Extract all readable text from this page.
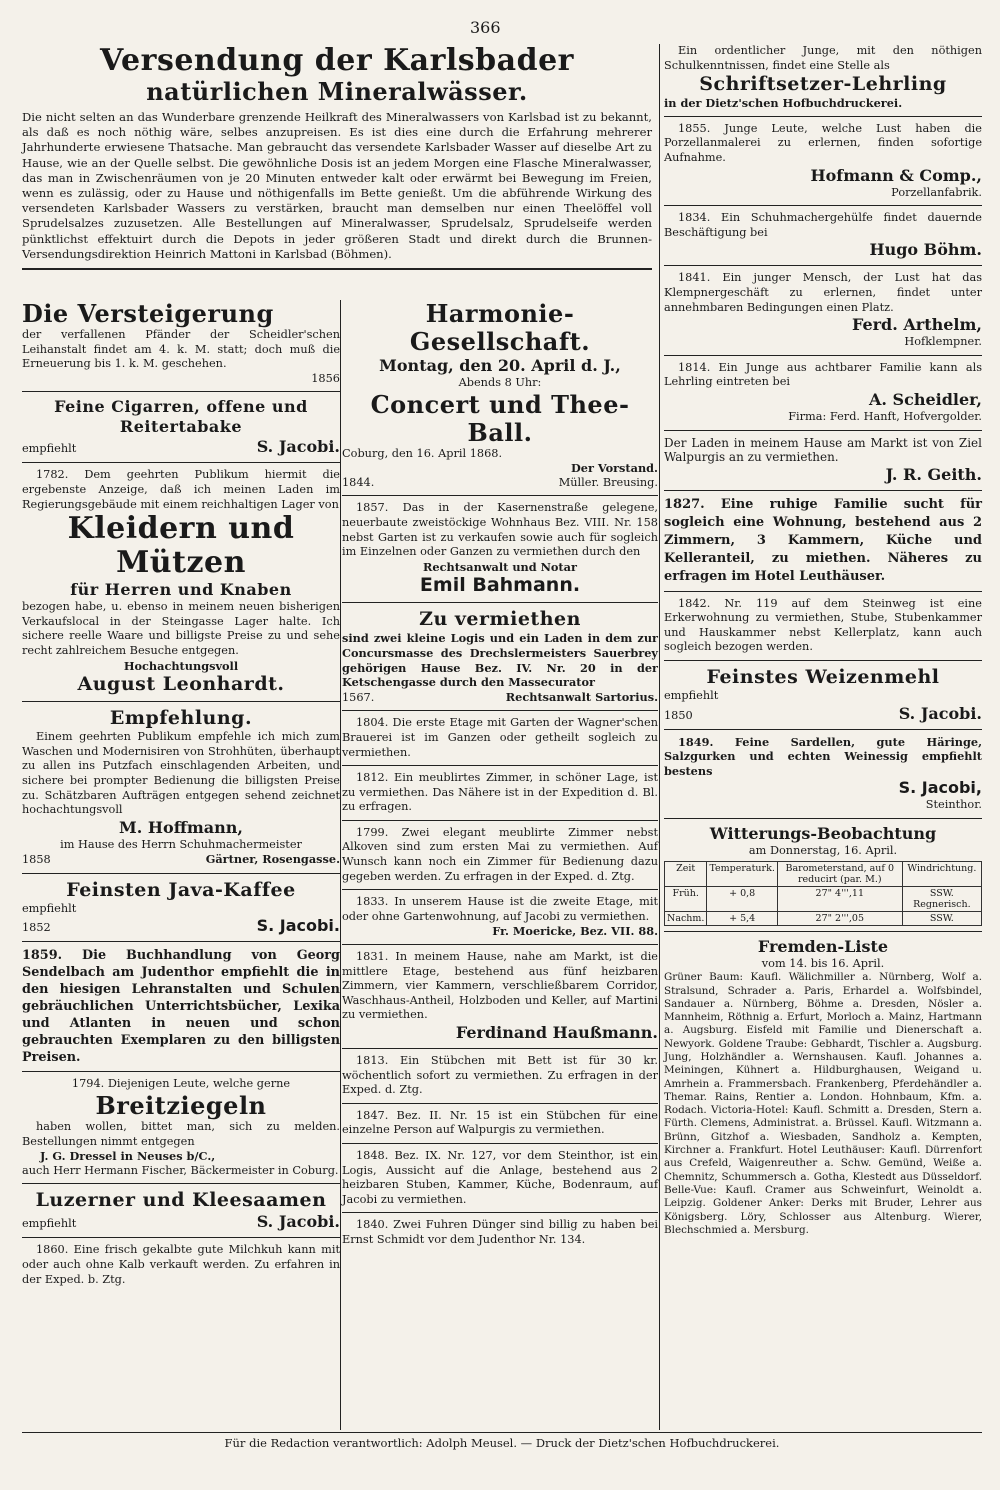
366
Versendung der Karlsbader
natürlichen Mineralwässer.
Die nicht selten an das Wunderbare grenzende Heilkraft des Mineralwassers von Karlsbad ist zu bekannt, als daß es noch nöthig wäre, selbes anzupreisen. Es ist dies eine durch die Erfahrung mehrerer Jahrhunderte erwiesene Thatsache. Man gebraucht das versendete Karlsbader Wasser auf dieselbe Art zu Hause, wie an der Quelle selbst. Die gewöhnliche Dosis ist an jedem Morgen eine Flasche Mineralwasser, das man in Zwischenräumen von je 20 Minuten entweder kalt oder erwärmt bei Bewegung im Freien, wenn es zulässig, oder zu Hause und nöthigenfalls im Bette genießt. Um die abführende Wirkung des versendeten Karlsbader Wassers zu verstärken, braucht man demselben nur einen Theelöffel voll Sprudelsalzes zuzusetzen. Alle Bestellungen auf Mineralwasser, Sprudelsalz, Sprudelseife werden pünktlichst effektuirt durch die Depots in jeder größeren Stadt und direkt durch die Brunnen-Versendungsdirektion Heinrich Mattoni in Karlsbad (Böhmen).
Die Versteigerung
der verfallenen Pfänder der Scheidler'schen Leihanstalt findet am 4. k. M. statt; doch muß die Erneuerung bis 1. k. M. geschehen.
1856
Feine Cigarren, offene und Reitertabake
empfiehlt	S. Jacobi.
1782. Dem geehrten Publikum hiermit die ergebenste Anzeige, daß ich meinen Laden im Regierungsgebäude mit einem reichhaltigen Lager von
Kleidern und Mützen
für Herren und Knaben
bezogen habe, u. ebenso in meinem neuen bisherigen Verkaufslocal in der Steingasse Lager halte. Ich sichere reelle Waare und billigste Preise zu und sehe recht zahlreichem Besuche entgegen.
Hochachtungsvoll
August Leonhardt.
Empfehlung.
Einem geehrten Publikum empfehle ich mich zum Waschen und Modernisiren von Strohhüten, überhaupt zu allen ins Putzfach einschlagenden Arbeiten, und sichere bei prompter Bedienung die billigsten Preise zu. Schätzbaren Aufträgen entgegen sehend zeichnet hochachtungsvoll
M. Hoffmann,
im Hause des Herrn Schuhmachermeister
1858	Gärtner, Rosengasse.
Feinsten Java-Kaffee
empfiehlt
1852	S. Jacobi.
1859. Die Buchhandlung von Georg Sendelbach am Judenthor empfiehlt die in den hiesigen Lehranstalten und Schulen gebräuchlichen Unterrichtsbücher, Lexika und Atlanten in neuen und schon gebrauchten Exemplaren zu den billigsten Preisen.
1794. Diejenigen Leute, welche gerne
Breitziegeln
haben wollen, bittet man, sich zu melden. Bestellungen nimmt entgegen
J. G. Dressel in Neuses b/C.,
auch Herr Hermann Fischer, Bäckermeister in Coburg.
Luzerner und Kleesaamen
empfiehlt	S. Jacobi.
1860. Eine frisch gekalbte gute Milchkuh kann mit oder auch ohne Kalb verkauft werden. Zu erfahren in der Exped. b. Ztg.
Harmonie-Gesellschaft.
Montag, den 20. April d. J.,
Abends 8 Uhr:
Concert und Thee-Ball.
Coburg, den 16. April 1868.
Der Vorstand.
1844.	Müller. Breusing.
1857. Das in der Kasernenstraße gelegene, neuerbaute zweistöckige Wohnhaus Bez. VIII. Nr. 158 nebst Garten ist zu verkaufen sowie auch für sogleich im Einzelnen oder Ganzen zu vermiethen durch den
Rechtsanwalt und Notar
Emil Bahmann.
Zu vermiethen
sind zwei kleine Logis und ein Laden in dem zur Concursmasse des Drechslermeisters Sauerbrey gehörigen Hause Bez. IV. Nr. 20 in der Ketschengasse durch den Massecurator
1567.	Rechtsanwalt Sartorius.
1804. Die erste Etage mit Garten der Wagner'schen Brauerei ist im Ganzen oder getheilt sogleich zu vermiethen.
1812. Ein meublirtes Zimmer, in schöner Lage, ist zu vermiethen. Das Nähere ist in der Expedition d. Bl. zu erfragen.
1799. Zwei elegant meublirte Zimmer nebst Alkoven sind zum ersten Mai zu vermiethen. Auf Wunsch kann noch ein Zimmer für Bedienung dazu gegeben werden. Zu erfragen in der Exped. d. Ztg.
1833. In unserem Hause ist die zweite Etage, mit oder ohne Gartenwohnung, auf Jacobi zu vermiethen.
Fr. Moericke, Bez. VII. 88.
1831. In meinem Hause, nahe am Markt, ist die mittlere Etage, bestehend aus fünf heizbaren Zimmern, vier Kammern, verschließbarem Corridor, Waschhaus-Antheil, Holzboden und Keller, auf Martini zu vermiethen.
Ferdinand Haußmann.
1813. Ein Stübchen mit Bett ist für 30 kr. wöchentlich sofort zu vermiethen. Zu erfragen in der Exped. d. Ztg.
1847. Bez. II. Nr. 15 ist ein Stübchen für eine einzelne Person auf Walpurgis zu vermiethen.
1848. Bez. IX. Nr. 127, vor dem Steinthor, ist ein Logis, Aussicht auf die Anlage, bestehend aus 2 heizbaren Stuben, Kammer, Küche, Bodenraum, auf Jacobi zu vermiethen.
1840. Zwei Fuhren Dünger sind billig zu haben bei Ernst Schmidt vor dem Judenthor Nr. 134.
Ein ordentlicher Junge, mit den nöthigen Schulkenntnissen, findet eine Stelle als
Schriftsetzer-Lehrling
in der Dietz'schen Hofbuchdruckerei.
1855. Junge Leute, welche Lust haben die Porzellanmalerei zu erlernen, finden sofortige Aufnahme.
Hofmann & Comp.,
Porzellanfabrik.
1834. Ein Schuhmachergehülfe findet dauernde Beschäftigung bei
Hugo Böhm.
1841. Ein junger Mensch, der Lust hat das Klempnergeschäft zu erlernen, findet unter annehmbaren Bedingungen einen Platz.
Ferd. Arthelm,
Hofklempner.
1814. Ein Junge aus achtbarer Familie kann als Lehrling eintreten bei
A. Scheidler,
Firma: Ferd. Hanft, Hofvergolder.
Der Laden in meinem Hause am Markt ist von Ziel Walpurgis an zu vermiethen.
J. R. Geith.
1827. Eine ruhige Familie sucht für sogleich eine Wohnung, bestehend aus 2 Zimmern, 3 Kammern, Küche und Kelleranteil, zu miethen. Näheres zu erfragen im Hotel Leuthäuser.
1842. Nr. 119 auf dem Steinweg ist eine Erkerwohnung zu vermiethen, Stube, Stubenkammer und Hauskammer nebst Kellerplatz, kann auch sogleich bezogen werden.
Feinstes Weizenmehl
empfiehlt
1850	S. Jacobi.
1849. Feine Sardellen, gute Häringe, Salzgurken und echten Weinessig empfiehlt bestens
S. Jacobi,
Steinthor.
Witterungs-Beobachtung
am Donnerstag, 16. April.
Zeit	Temperaturk.	Barometerstand, auf 0 reducirt (par. M.)	Windrichtung.
Früh.	+ 0,8	27" 4''',11	SSW. Regnerisch.
Nachm.	+ 5,4	27" 2''',05	SSW.
Fremden-Liste
vom 14. bis 16. April.
Grüner Baum: Kaufl. Wälichmiller a. Nürnberg, Wolf a. Stralsund, Schrader a. Paris, Erhardel a. Wolfsbindel, Sandauer a. Nürnberg, Böhme a. Dresden, Nösler a. Mannheim, Röthnig a. Erfurt, Morloch a. Mainz, Hartmann a. Augsburg. Eisfeld mit Familie und Dienerschaft a. Newyork. Goldene Traube: Gebhardt, Tischler a. Augsburg. Jung, Holzhändler a. Wernshausen. Kaufl. Johannes a. Meiningen, Kühnert a. Hildburghausen, Weigand u. Amrhein a. Frammersbach. Frankenberg, Pferdehändler a. Themar. Rains, Rentier a. London. Hohnbaum, Kfm. a. Rodach. Victoria-Hotel: Kaufl. Schmitt a. Dresden, Stern a. Fürth. Clemens, Administrat. a. Brüssel. Kaufl. Witzmann a. Brünn, Gitzhof a. Wiesbaden, Sandholz a. Kempten, Kirchner a. Frankfurt. Hotel Leuthäuser: Kaufl. Dürrenfort aus Crefeld, Waigenreuther a. Schw. Gemünd, Weiße a. Chemnitz, Schummersch a. Gotha, Klestedt aus Düsseldorf. Belle-Vue: Kaufl. Cramer aus Schweinfurt, Weinoldt a. Leipzig. Goldener Anker: Derks mit Bruder, Lehrer aus Königsberg. Löry, Schlosser aus Altenburg. Wierer, Blechschmied a. Mersburg.
Für die Redaction verantwortlich: Adolph Meusel. — Druck der Dietz'schen Hofbuchdruckerei.
